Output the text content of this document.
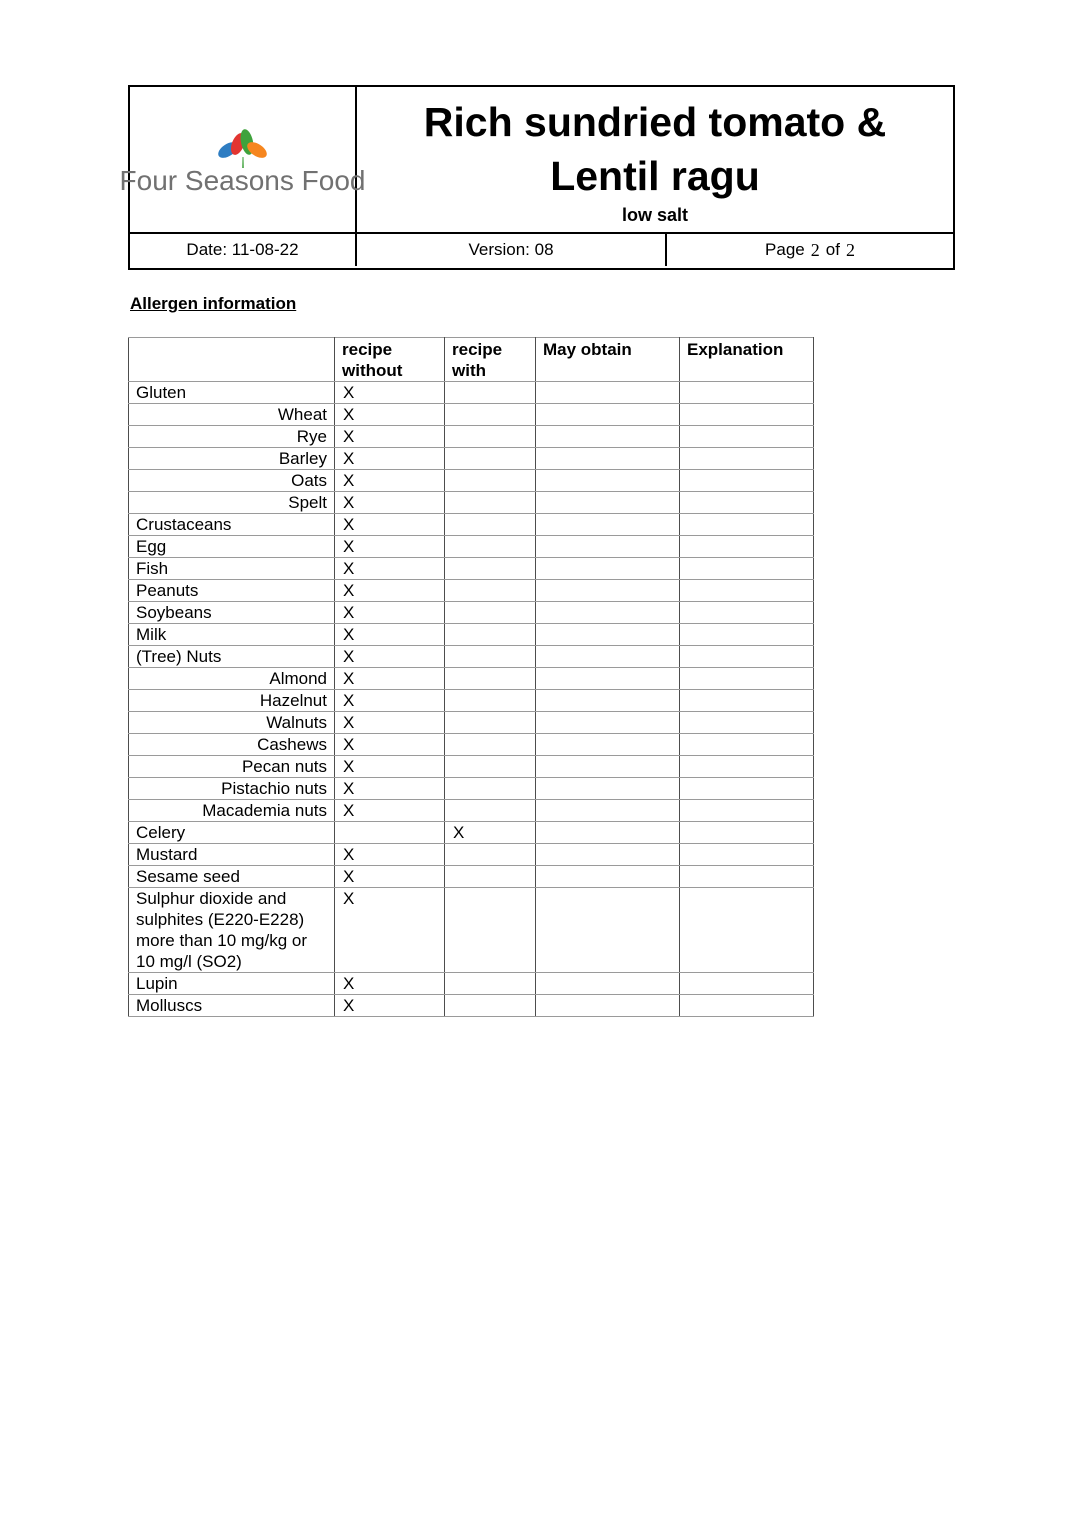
Four Seasons Food
Rich sundried tomato &
Lentil ragu
low salt
Date: 11-08-22	Version: 08	Page 2 of 2
Allergen information
	recipe without	recipe with	May obtain	Explanation
Gluten	X			
Wheat	X			
Rye	X			
Barley	X			
Oats	X			
Spelt	X			
Crustaceans	X			
Egg	X			
Fish	X			
Peanuts	X			
Soybeans	X			
Milk	X			
(Tree) Nuts	X			
Almond	X			
Hazelnut	X			
Walnuts	X			
Cashews	X			
Pecan nuts	X			
Pistachio nuts	X			
Macademia nuts	X			
Celery		X		
Mustard	X			
Sesame seed	X			
Sulphur dioxide and sulphites (E220-E228) more than 10 mg/kg or 10 mg/l (SO2)	X			
Lupin	X			
Molluscs	X			
